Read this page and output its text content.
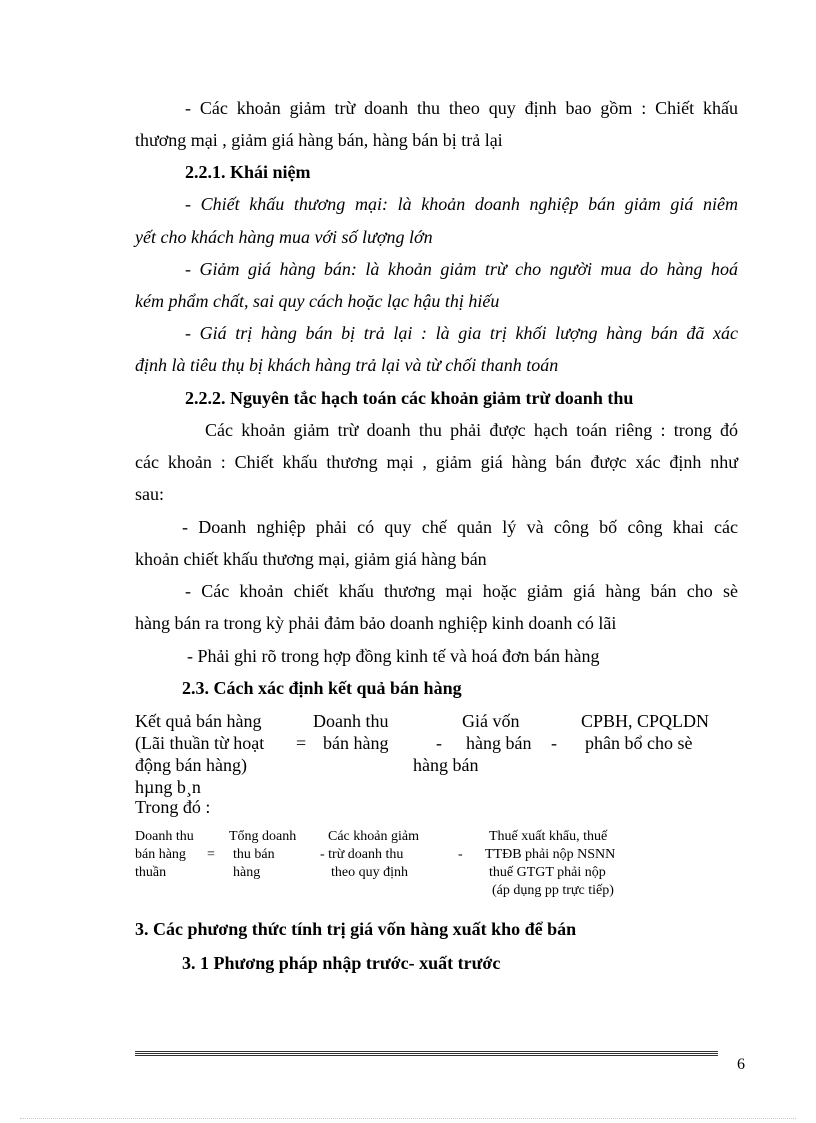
- Các khoản giảm trừ doanh thu theo quy định bao gồm : Chiết khấu
thương mại , giảm giá hàng bán, hàng bán bị trả lại
2.2.1. Khái niệm
- Chiết khấu thương mại: là khoản doanh nghiệp bán giảm giá niêm
yết cho khách hàng mua với số lượng lớn
- Giảm giá hàng bán: là khoản giảm trừ cho người mua do hàng hoá
kém phẩm chất, sai quy cách hoặc lạc hậu thị hiếu
- Giá trị hàng bán bị trả lại : là gia trị khối lượng hàng bán đã xác
định là tiêu thụ bị khách hàng trả lại và từ chối thanh toán
2.2.2. Nguyên tắc hạch toán các khoản giảm trừ doanh thu
Các khoản giảm trừ doanh thu phải được hạch toán riêng : trong đó
các khoản : Chiết khấu thương mại , giảm giá hàng bán được xác định như
sau:
- Doanh nghiệp phải có quy chế quản lý và công bố công khai các
khoản chiết khấu thương mại, giảm giá hàng bán
- Các khoản chiết khấu thương mại hoặc giảm giá hàng bán cho sè
hàng bán ra trong kỳ phải đảm bảo doanh nghiệp kinh doanh có lãi
- Phải ghi rõ trong hợp đồng kinh tế và hoá đơn bán hàng
2.3. Cách xác định kết quả bán hàng
Kết quả bán hàng
(Lãi thuần từ hoạt
động bán hàng)
hµng b¸n
Trong đó :
=
Doanh thu
bán hàng	-
Giá vốn
hàng bán
hàng bán
-
CPBH, CPQLDN
phân bổ cho sè
Doanh thu
bán hàng
thuần
=
Tổng doanh
thu bán
hàng
Các khoản giảm
- trừ doanh thu
theo quy định
-
Thuế xuất khẩu, thuế
TTĐB phải nộp NSNN
thuế GTGT phải nộp
(áp dụng pp trực tiếp)
3. Các phương thức tính trị giá vốn hàng xuất kho để bán
3. 1 Phương pháp nhập trước- xuất trước
6
